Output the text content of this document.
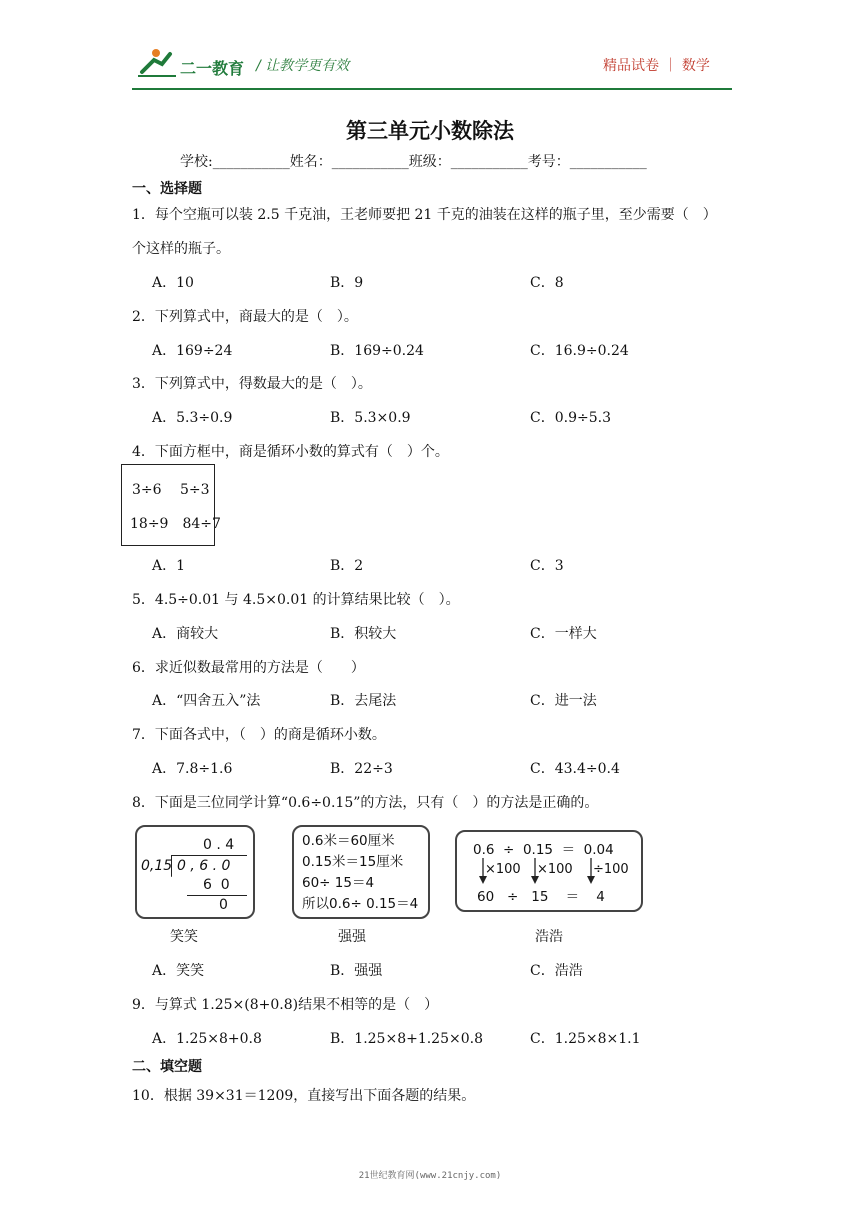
二一教育 / 让教学更有效	精品试卷 ｜ 数学
第三单元小数除法
学校:___________姓名：___________班级：___________考号：___________
一、选择题
1．每个空瓶可以装 2.5 千克油，王老师要把 21 千克的油装在这样的瓶子里，至少需要（　）
个这样的瓶子。
A．10	B．9	C．8
2．下列算式中，商最大的是（　）。
A．169÷24	B．169÷0.24	C．16.9÷0.24
3．下列算式中，得数最大的是（　）。
A．5.3÷0.9	B．5.3×0.9	C．0.9÷5.3
4．下面方框中，商是循环小数的算式有（　）个。
3÷6　 5÷3
18÷9　84÷7
A．1	B．2	C．3
5．4.5÷0.01 与 4.5×0.01 的计算结果比较（　）。
A．商较大	B．积较大	C．一样大
6．求近似数最常用的方法是（　　）
A．“四舍五入”法	B．去尾法	C．进一法
7．下面各式中，（　）的商是循环小数。
A．7.8÷1.6	B．22÷3	C．43.4÷0.4
8．下面是三位同学计算“0.6÷0.15”的方法，只有（　）的方法是正确的。
0 . 4
0,15 0 , 6 . 0
6  0
0
笑笑
0.6米＝60厘米
0.15米＝15厘米
60÷ 15＝4
所以0.6÷ 0.15＝4
强强
0.6  ÷  0.15  ＝  0.04
×100 ×100 ÷100
60   ÷   15    ＝    4
浩浩
A．笑笑	B．强强	C．浩浩
9．与算式 1.25×(8+0.8)结果不相等的是（　）
A．1.25×8+0.8	B．1.25×8+1.25×0.8	C．1.25×8×1.1
二、填空题
10．根据 39×31＝1209，直接写出下面各题的结果。
21世纪教育网(www.21cnjy.com)
